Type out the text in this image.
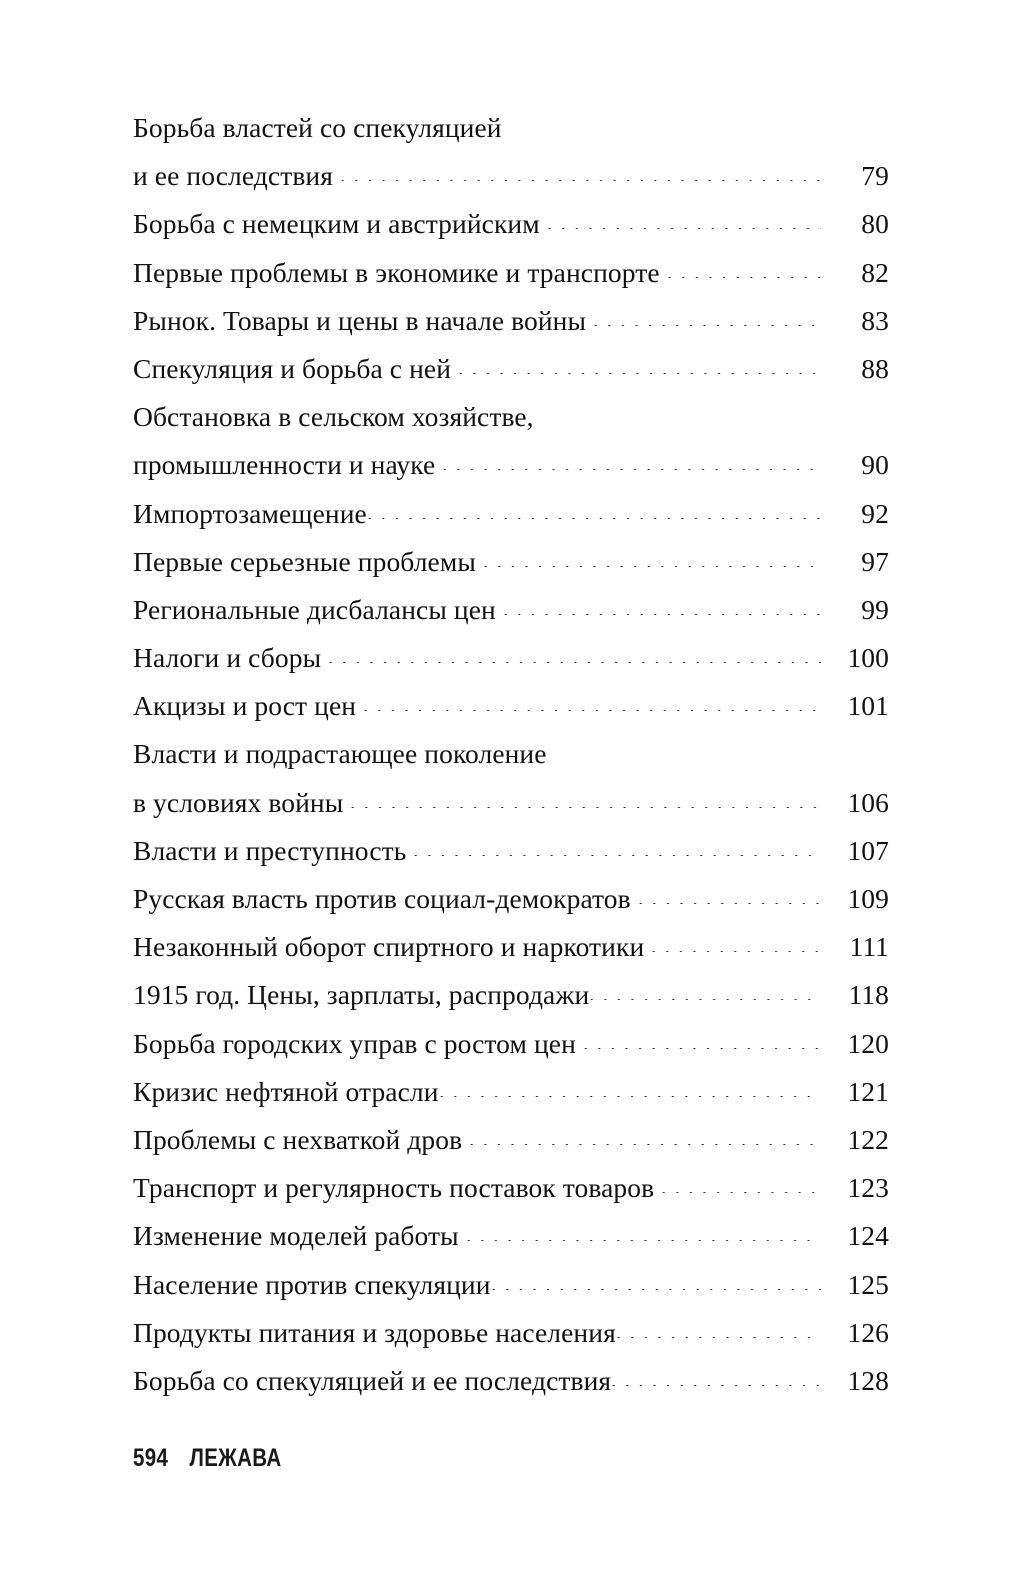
Борьба властей со спекуляцией
и ее последствия	79
Борьба с немецким и австрийским	80
Первые проблемы в экономике и транспорте	82
Рынок. Товары и цены в начале войны	83
Спекуляция и борьба с ней	88
Обстановка в сельском хозяйстве,
промышленности и науке	90
Импортозамещение	92
Первые серьезные проблемы	97
Региональные дисбалансы цен	99
Налоги и сборы	100
Акцизы и рост цен	101
Власти и подрастающее поколение
в условиях войны	106
Власти и преступность	107
Русская власть против социал-демократов	109
Незаконный оборот спиртного и наркотики	111
1915 год. Цены, зарплаты, распродажи	118
Борьба городских управ с ростом цен	120
Кризис нефтяной отрасли	121
Проблемы с нехваткой дров	122
Транспорт и регулярность поставок товаров	123
Изменение моделей работы	124
Население против спекуляции	125
Продукты питания и здоровье населения	126
Борьба со спекуляцией и ее последствия	128
594 ЛЕЖАВА
